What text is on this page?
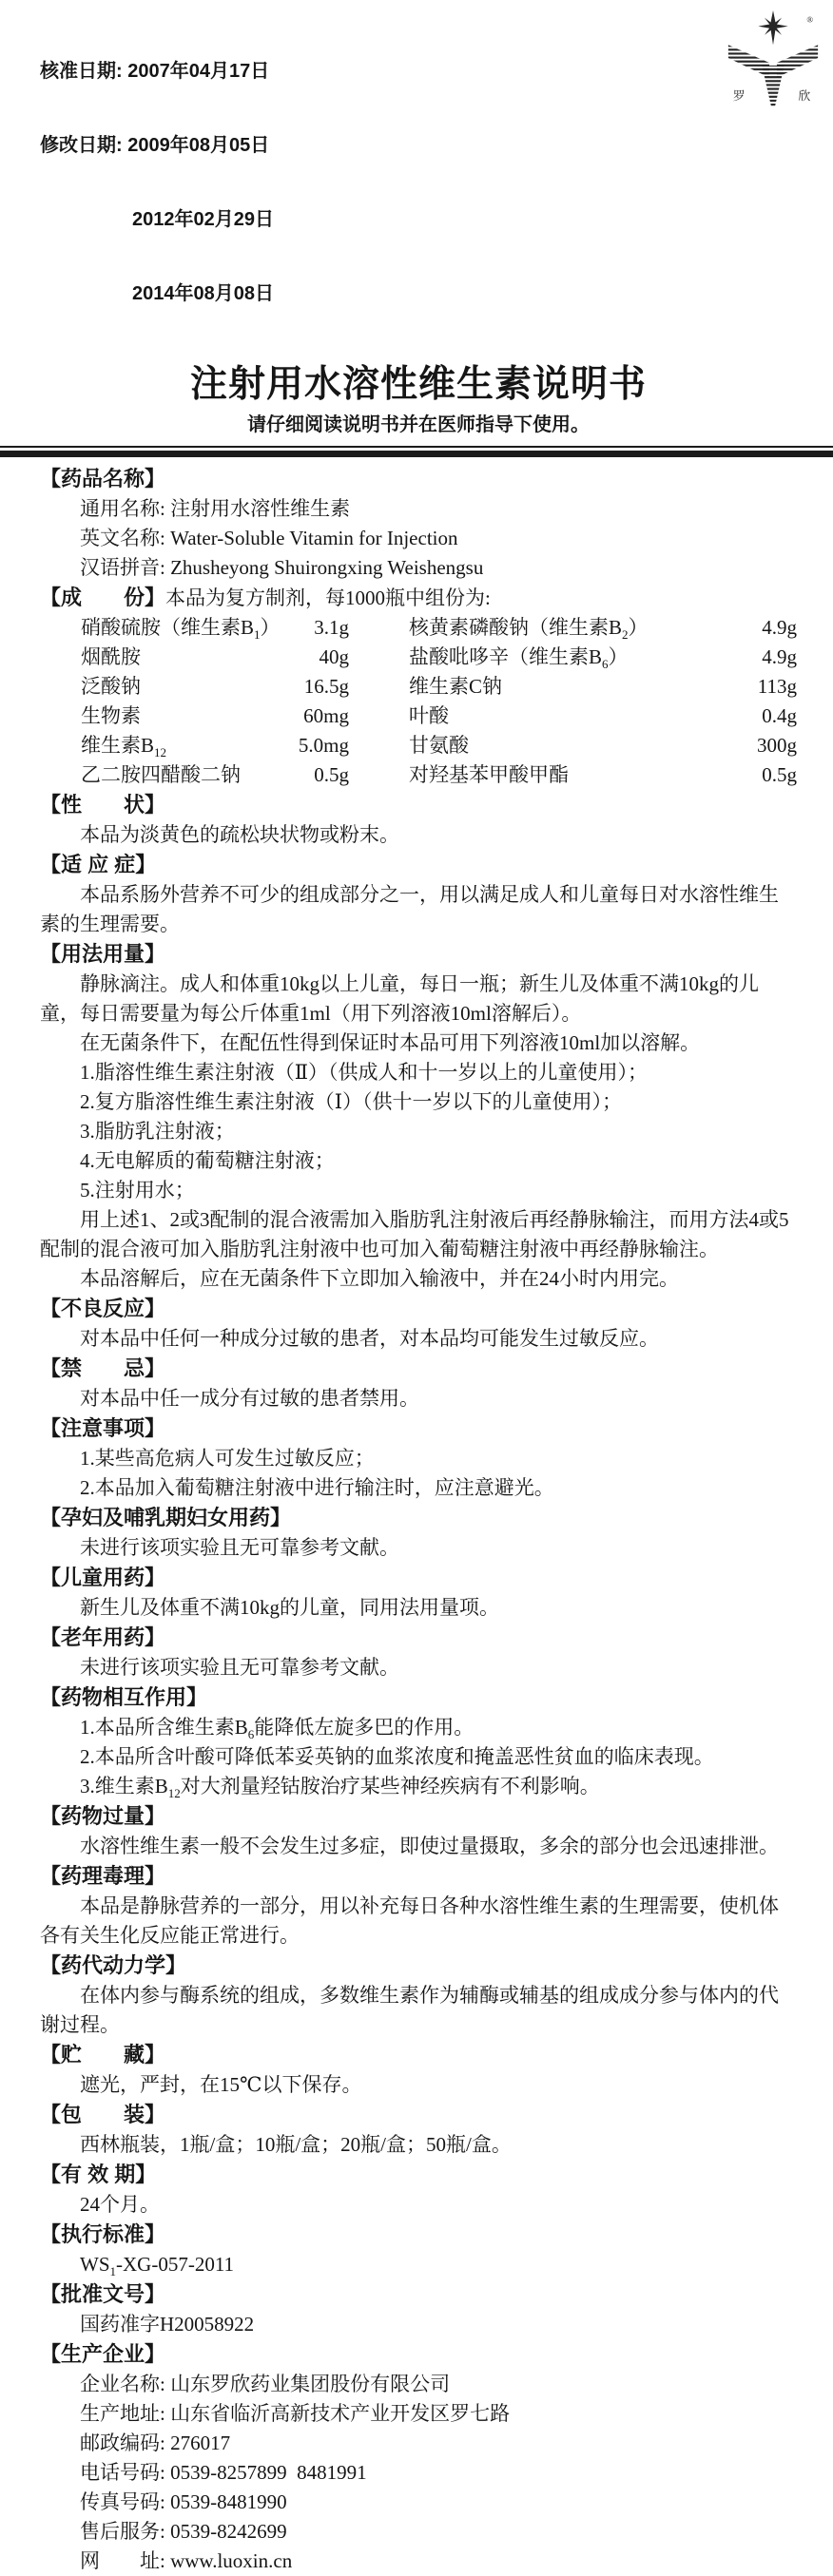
核准日期: 2007年04月17日

修改日期: 2009年08月05日

2012年02月29日

2014年08月08日

®
罗	欣
注射用水溶性维生素说明书
请仔细阅读说明书并在医师指导下使用。
【药品名称】

通用名称: 注射用水溶性维生素

英文名称: Water-Soluble Vitamin for Injection

汉语拼音: Zhusheyong Shuirongxing Weishengsu

【成　　份】本品为复方制剂，每1000瓶中组份为:
硝酸硫胺（维生素$B_1$）	3.1g	核黄素磷酸钠（维生素$B_2$）	4.9g
烟酰胺	40g	盐酸吡哆辛（维生素$B_6$）	4.9g
泛酸钠	16.5g	维生素C钠	113g
生物素	60mg	叶酸	0.4g
维生素$B_{12}$	5.0mg	甘氨酸	300g
乙二胺四醋酸二钠	0.5g	对羟基苯甲酸甲酯	0.5g
【性　　状】

本品为淡黄色的疏松块状物或粉末。

【适 应 症】

本品系肠外营养不可少的组成部分之一，用以满足成人和儿童每日对水溶性维生素的生理需要。

【用法用量】

静脉滴注。成人和体重10kg以上儿童，每日一瓶；新生儿及体重不满10kg的儿童，每日需要量为每公斤体重1ml（用下列溶液10ml溶解后）。

在无菌条件下，在配伍性得到保证时本品可用下列溶液10ml加以溶解。

1.脂溶性维生素注射液（Ⅱ）（供成人和十一岁以上的儿童使用）；

2.复方脂溶性维生素注射液（Ⅰ）（供十一岁以下的儿童使用）；

3.脂肪乳注射液；

4.无电解质的葡萄糖注射液；

5.注射用水；

用上述1、2或3配制的混合液需加入脂肪乳注射液后再经静脉输注，而用方法4或5配制的混合液可加入脂肪乳注射液中也可加入葡萄糖注射液中再经静脉输注。

本品溶解后，应在无菌条件下立即加入输液中，并在24小时内用完。

【不良反应】

对本品中任何一种成分过敏的患者，对本品均可能发生过敏反应。

【禁　　忌】

对本品中任一成分有过敏的患者禁用。

【注意事项】

1.某些高危病人可发生过敏反应；

2.本品加入葡萄糖注射液中进行输注时，应注意避光。

【孕妇及哺乳期妇女用药】

未进行该项实验且无可靠参考文献。

【儿童用药】

新生儿及体重不满10kg的儿童，同用法用量项。

【老年用药】

未进行该项实验且无可靠参考文献。

【药物相互作用】

1.本品所含维生素$B_6$能降低左旋多巴的作用。

2.本品所含叶酸可降低苯妥英钠的血浆浓度和掩盖恶性贫血的临床表现。

3.维生素$B_{12}$对大剂量羟钴胺治疗某些神经疾病有不利影响。

【药物过量】

水溶性维生素一般不会发生过多症，即使过量摄取，多余的部分也会迅速排泄。

【药理毒理】

本品是静脉营养的一部分，用以补充每日各种水溶性维生素的生理需要，使机体各有关生化反应能正常进行。

【药代动力学】

在体内参与酶系统的组成，多数维生素作为辅酶或辅基的组成成分参与体内的代谢过程。

【贮　　藏】

遮光，严封，在15℃以下保存。

【包　　装】

西林瓶装，1瓶/盒；10瓶/盒；20瓶/盒；50瓶/盒。

【有 效 期】

24个月。

【执行标准】

$WS_1-XG-057-2011$

【批准文号】

国药准字H20058922

【生产企业】

企业名称: 山东罗欣药业集团股份有限公司

生产地址: 山东省临沂高新技术产业开发区罗七路

邮政编码: 276017

电话号码: 0539-8257899  8481991

传真号码: 0539-8481990

售后服务: 0539-8242699

网　　址: www.luoxin.cn
